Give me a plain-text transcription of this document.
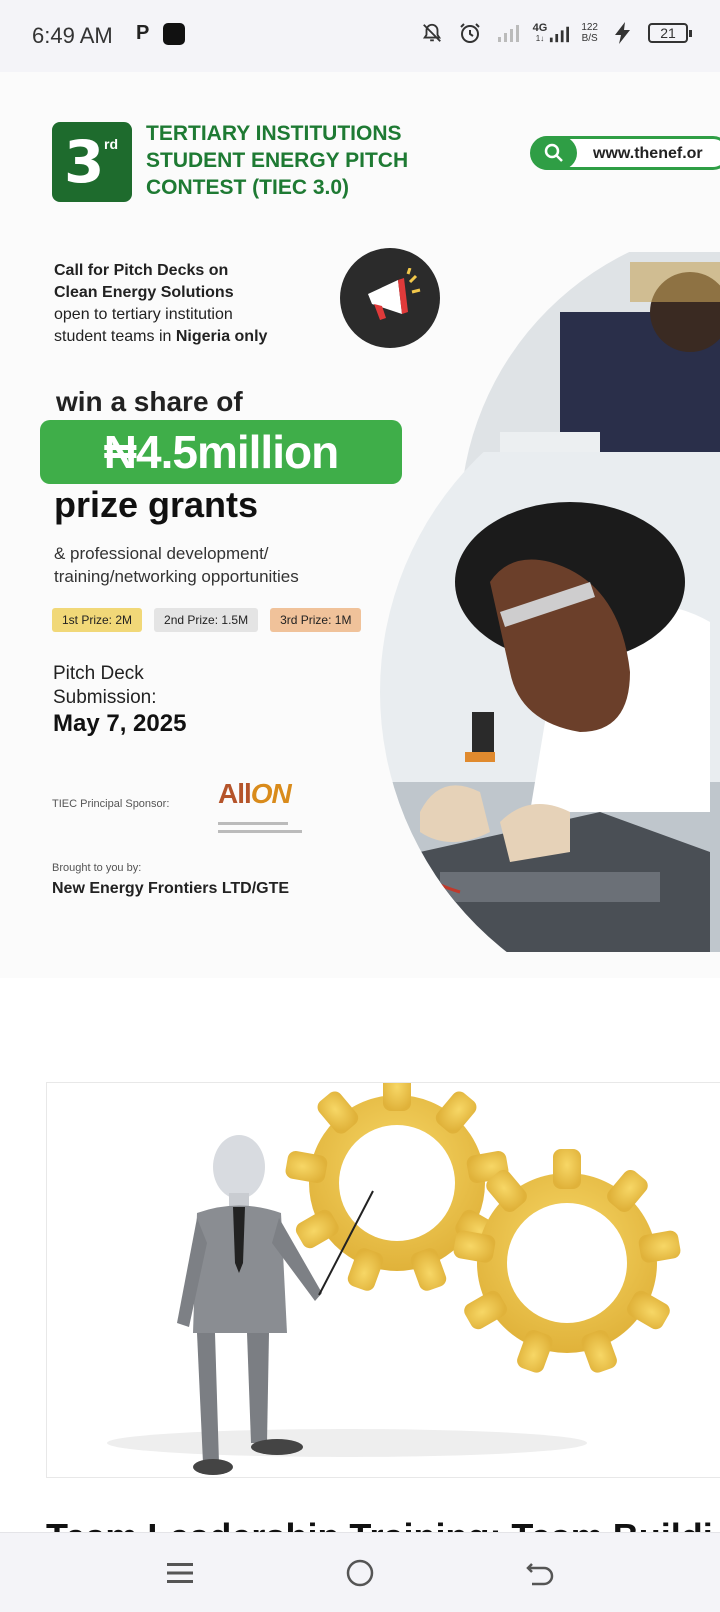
6:49 AM P	4G
1↓
122
B/S	21
3 rd TERTIARY INSTITUTIONS
STUDENT ENERGY PITCH
CONTEST (TIEC 3.0)
www.thenef.or
Call for Pitch Decks on
Clean Energy Solutions
open to tertiary institution
student teams in Nigeria only
win a share of
₦4.5million
prize grants
& professional development/
training/networking opportunities
1st Prize: 2M	2nd Prize: 1.5M	3rd Prize: 1M
Pitch Deck
Submission:
May 7, 2025
TIEC Principal Sponsor: AllON
Brought to you by:
New Energy Frontiers LTD/GTE
